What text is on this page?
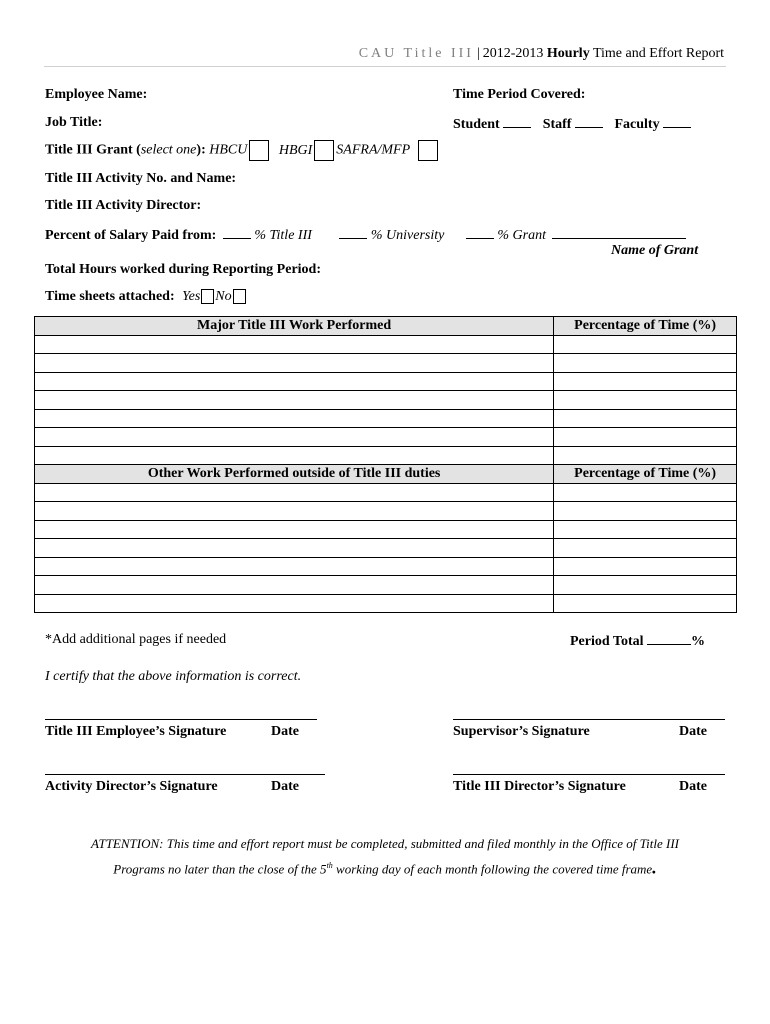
CAU Title III | 2012-2013 Hourly Time and Effort Report
Employee Name:	Time Period Covered:
Job Title:	Student	Staff	Faculty
Title III Grant (select one): HBCU HBGI SAFRA/MFP
Title III Activity No. and Name:
Title III Activity Director:
Percent of Salary Paid from:	% Title III	% University	% Grant
Name of Grant
Total Hours worked during Reporting Period:
Time sheets attached: Yes No
Major Title III Work Performed	Percentage of Time (%)

Other Work Performed outside of Title III duties	Percentage of Time (%)

*Add additional pages if needed	Period Total	%
I certify that the above information is correct.
Title III Employee’s Signature	Date	Supervisor’s Signature	Date
Activity Director’s Signature	Date	Title III Director’s Signature	Date
ATTENTION: This time and effort report must be completed, submitted and filed monthly in the Office of Title III
Programs no later than the close of the 5th working day of each month following the covered time frame.
